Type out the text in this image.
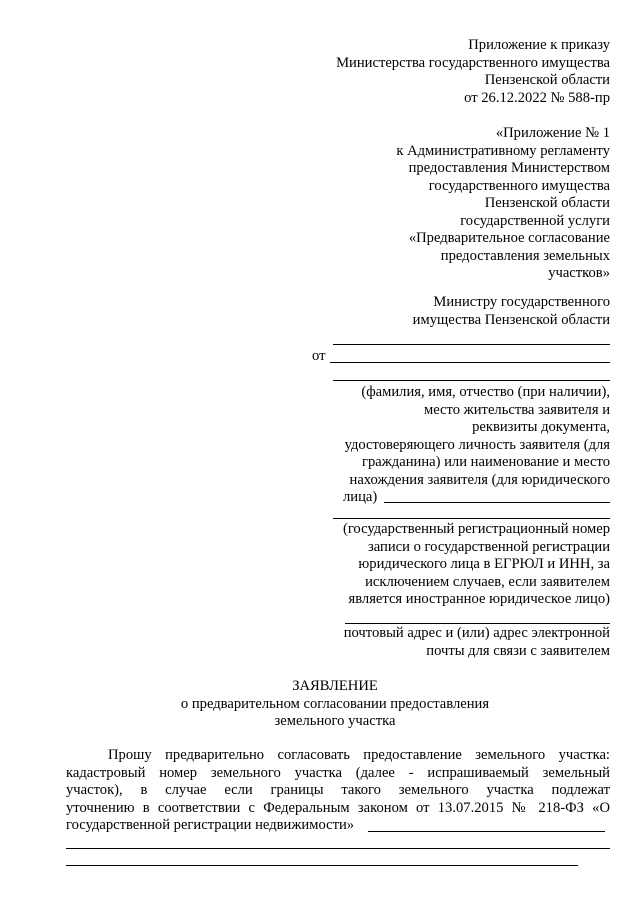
Приложение к приказу
Министерства государственного имущества
Пензенской области
от 26.12.2022 № 588-пр
«Приложение № 1
к Административному регламенту
предоставления Министерством
государственного имущества
Пензенской области
государственной услуги
«Предварительное согласование
предоставления земельных
участков»
Министру государственного
имущества Пензенской области
от
(фамилия, имя, отчество (при наличии),
место жительства заявителя и
реквизиты документа,
удостоверяющего личность заявителя (для
гражданина) или наименование и место
нахождения заявителя (для юридического
лица)
(государственный регистрационный номер
записи о государственной регистрации
юридического лица в ЕГРЮЛ и ИНН, за
исключением случаев, если заявителем
является иностранное юридическое лицо)
почтовый адрес и (или) адрес электронной
почты для связи с заявителем
ЗАЯВЛЕНИЕ
о предварительном согласовании предоставления
земельного участка
Прошу предварительно согласовать предоставление земельного участка:
кадастровый номер земельного участка (далее - испрашиваемый земельный
участок), в случае если границы такого земельного участка подлежат
уточнению в соответствии с Федеральным законом от 13.07.2015 № 218-ФЗ «О
государственной регистрации недвижимости»
